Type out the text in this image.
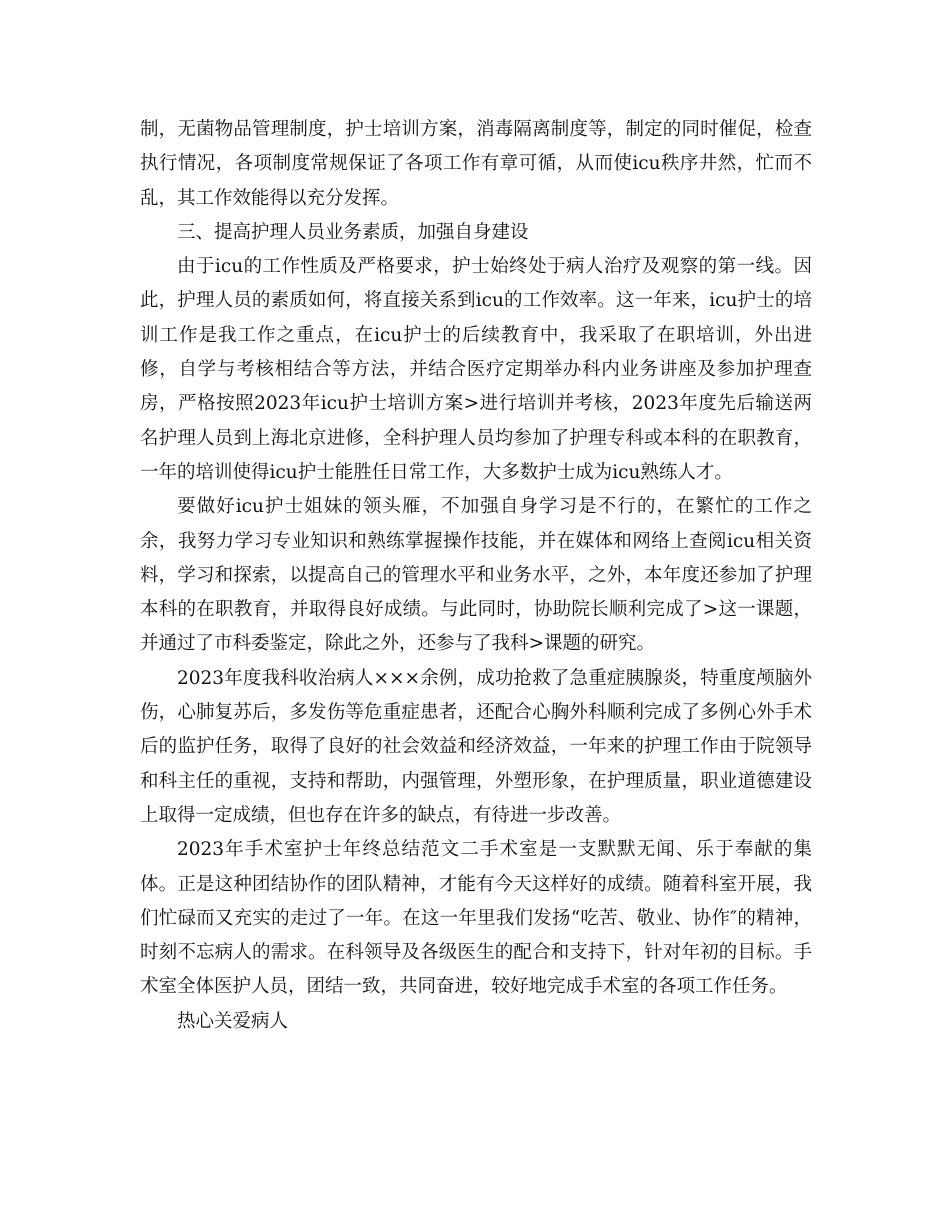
制，无菌物品管理制度，护士培训方案，消毒隔离制度等，制定的同时催促，检查执行情况，各项制度常规保证了各项工作有章可循，从而使icu秩序井然，忙而不乱，其工作效能得以充分发挥。

三、提高护理人员业务素质，加强自身建设

由于icu的工作性质及严格要求，护士始终处于病人治疗及观察的第一线。因此，护理人员的素质如何，将直接关系到icu的工作效率。这一年来，icu护士的培训工作是我工作之重点，在icu护士的后续教育中，我采取了在职培训，外出进修，自学与考核相结合等方法，并结合医疗定期举办科内业务讲座及参加护理查房，严格按照2023年icu护士培训方案>进行培训并考核，2023年度先后输送两名护理人员到上海北京进修，全科护理人员均参加了护理专科或本科的在职教育，一年的培训使得icu护士能胜任日常工作，大多数护士成为icu熟练人才。

要做好icu护士姐妹的领头雁，不加强自身学习是不行的，在繁忙的工作之余，我努力学习专业知识和熟练掌握操作技能，并在媒体和网络上查阅icu相关资料，学习和探索，以提高自己的管理水平和业务水平，之外，本年度还参加了护理本科的在职教育，并取得良好成绩。与此同时，协助院长顺利完成了>这一课题，并通过了市科委鉴定，除此之外，还参与了我科>课题的研究。

2023年度我科收治病人×××余例，成功抢救了急重症胰腺炎，特重度颅脑外伤，心肺复苏后，多发伤等危重症患者，还配合心胸外科顺利完成了多例心外手术后的监护任务，取得了良好的社会效益和经济效益，一年来的护理工作由于院领导和科主任的重视，支持和帮助，内强管理，外塑形象，在护理质量，职业道德建设上取得一定成绩，但也存在许多的缺点，有待进一步改善。

2023年手术室护士年终总结范文二手术室是一支默默无闻、乐于奉献的集体。正是这种团结协作的团队精神，才能有今天这样好的成绩。随着科室开展，我们忙碌而又充实的走过了一年。在这一年里我们发扬“吃苦、敬业、协作″的精神，时刻不忘病人的需求。在科领导及各级医生的配合和支持下，针对年初的目标。手术室全体医护人员，团结一致，共同奋进，较好地完成手术室的各项工作任务。

热心关爱病人
